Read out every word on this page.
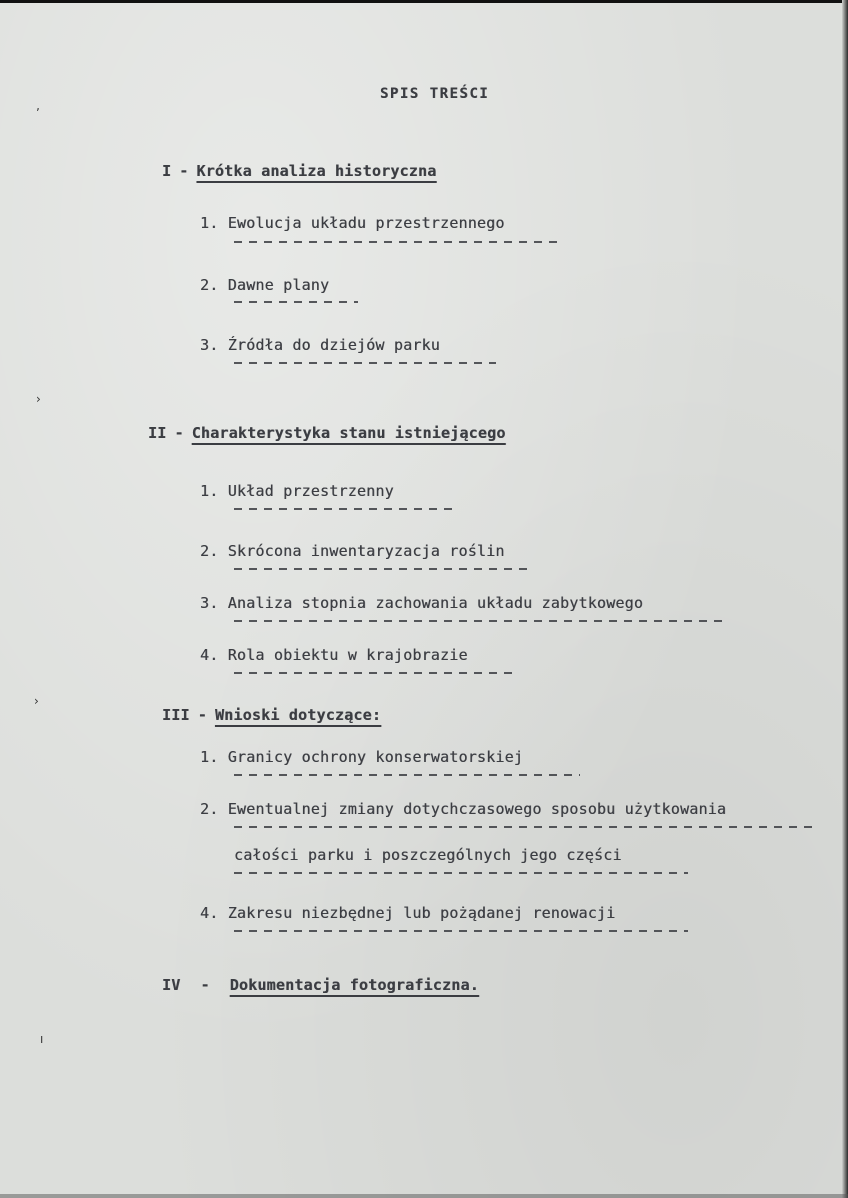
ʼ
›
›
ı
SPIS TREŚCI
I - Krótka analiza historyczna
1. Ewolucja układu przestrzennego
2. Dawne plany
3. Źródła do dziejów parku
II - Charakterystyka stanu istniejącego
1. Układ przestrzenny
2. Skrócona inwentaryzacja roślin
3. Analiza stopnia zachowania układu zabytkowego
4. Rola obiektu w krajobrazie
III - Wnioski dotyczące:
1. Granicy ochrony konserwatorskiej
2. Ewentualnej zmiany dotychczasowego sposobu użytkowania
całości parku i poszczególnych jego części
4. Zakresu niezbędnej lub pożądanej renowacji
IV - Dokumentacja fotograficzna.
